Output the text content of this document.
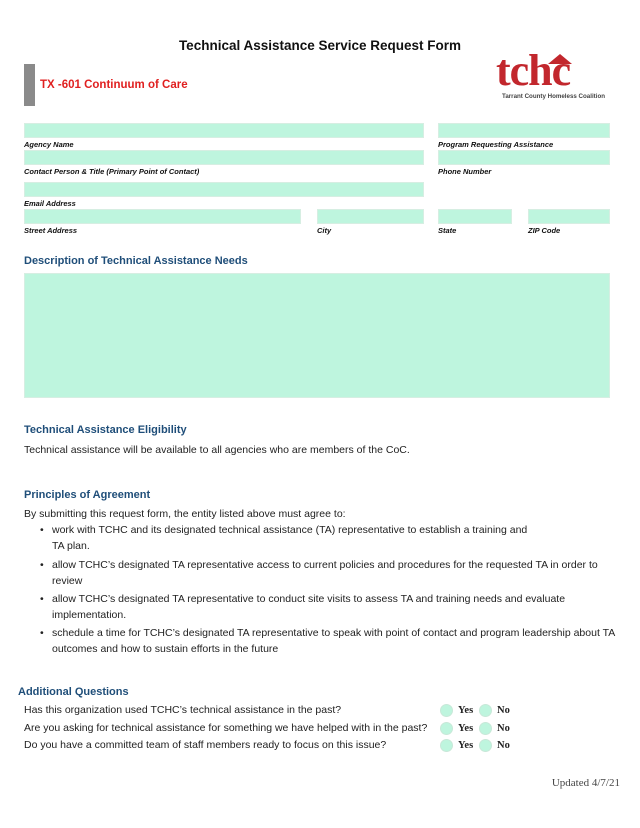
Technical Assistance Service Request Form
TX -601 Continuum of Care	tchc
Tarrant County Homeless Coalition
Agency Name	Program Requesting Assistance
Contact Person & Title (Primary Point of Contact)	Phone Number
Email Address
Street Address	City	State	ZIP Code
Description of Technical Assistance Needs
Technical Assistance Eligibility
Technical assistance will be available to all agencies who are members of the CoC.
Principles of Agreement
By submitting this request form, the entity listed above must agree to:
• work with TCHC and its designated technical assistance (TA) representative to establish a training and TA plan.
• allow TCHC’s designated TA representative access to current policies and procedures for the requested TA in order to review
• allow TCHC’s designated TA representative to conduct site visits to assess TA and training needs and evaluate implementation.
• schedule a time for TCHC’s designated TA representative to speak with point of contact and program leadership about TA outcomes and how to sustain efforts in the future
Additional Questions
Has this organization used TCHC’s technical assistance in the past?	Yes No
Are you asking for technical assistance for something we have helped with in the past?	Yes No
Do you have a committed team of staff members ready to focus on this issue?	Yes No
Updated 4/7/21
